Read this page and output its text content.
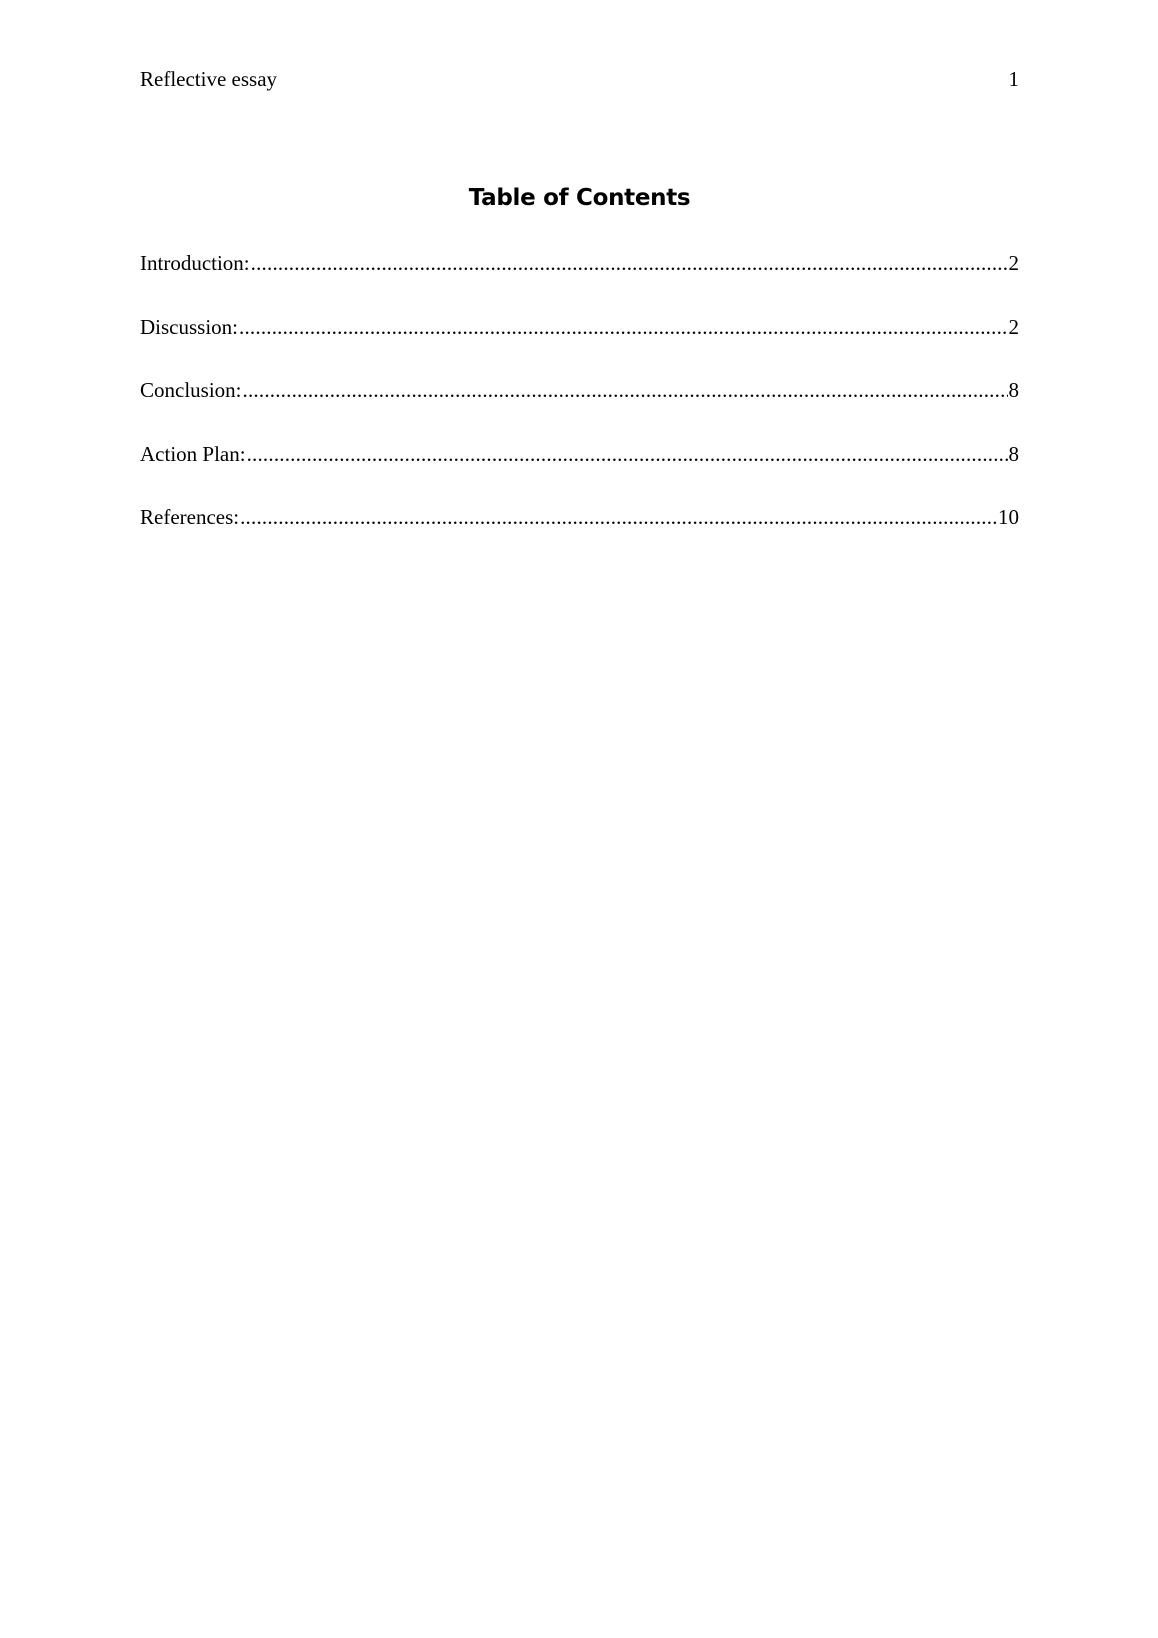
Reflective essay	1
Table of Contents
Introduction: .....	2
Discussion: .....	2
Conclusion: .....	8
Action Plan: .....	8
References: .....	10
